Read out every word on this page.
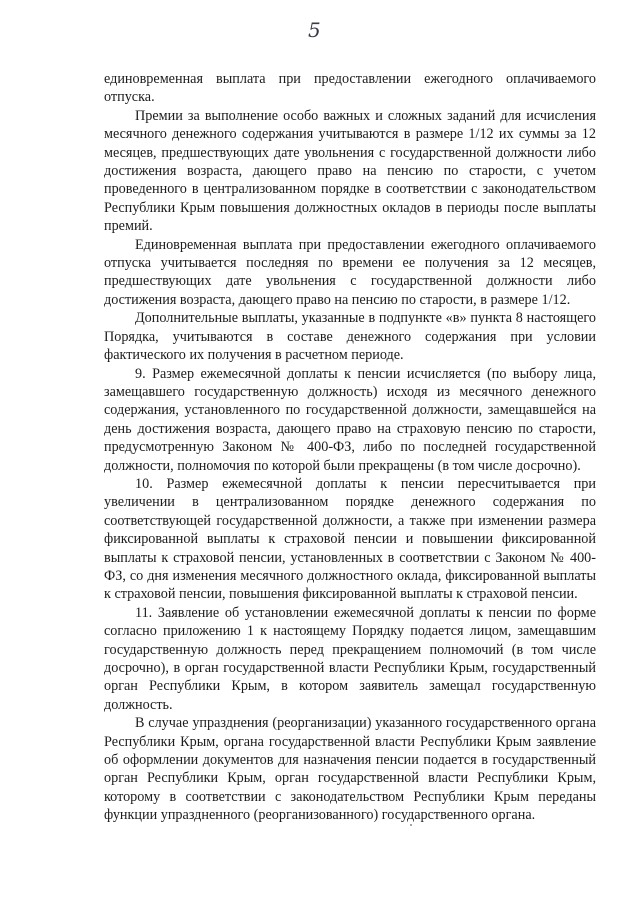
5

единовременная выплата при предоставлении ежегодного оплачиваемого отпуска.

Премии за выполнение особо важных и сложных заданий для исчисления месячного денежного содержания учитываются в размере 1/12 их суммы за 12 месяцев, предшествующих дате увольнения с государственной должности либо достижения возраста, дающего право на пенсию по старости, с учетом проведенного в централизованном порядке в соответствии с законодательством Республики Крым повышения должностных окладов в периоды после выплаты премий.

Единовременная выплата при предоставлении ежегодного оплачиваемого отпуска учитывается последняя по времени ее получения за 12 месяцев, предшествующих дате увольнения с государственной должности либо достижения возраста, дающего право на пенсию по старости, в размере 1/12.

Дополнительные выплаты, указанные в подпункте «в» пункта 8 настоящего Порядка, учитываются в составе денежного содержания при условии фактического их получения в расчетном периоде.

9. Размер ежемесячной доплаты к пенсии исчисляется (по выбору лица, замещавшего государственную должность) исходя из месячного денежного содержания, установленного по государственной должности, замещавшейся на день достижения возраста, дающего право на страховую пенсию по старости, предусмотренную Законом № 400-ФЗ, либо по последней государственной должности, полномочия по которой были прекращены (в том числе досрочно).

10. Размер ежемесячной доплаты к пенсии пересчитывается при увеличении в централизованном порядке денежного содержания по соответствующей государственной должности, а также при изменении размера фиксированной выплаты к страховой пенсии и повышении фиксированной выплаты к страховой пенсии, установленных в соответствии с Законом № 400-ФЗ, со дня изменения месячного должностного оклада, фиксированной выплаты к страховой пенсии, повышения фиксированной выплаты к страховой пенсии.

11. Заявление об установлении ежемесячной доплаты к пенсии по форме согласно приложению 1 к настоящему Порядку подается лицом, замещавшим государственную должность перед прекращением полномочий (в том числе досрочно), в орган государственной власти Республики Крым, государственный орган Республики Крым, в котором заявитель замещал государственную должность.

В случае упразднения (реорганизации) указанного государственного органа Республики Крым, органа государственной власти Республики Крым заявление об оформлении документов для назначения пенсии подается в государственный орган Республики Крым, орган государственной власти Республики Крым, которому в соответствии с законодательством Республики Крым переданы функции упраздненного (реорганизованного) государственного органа.
